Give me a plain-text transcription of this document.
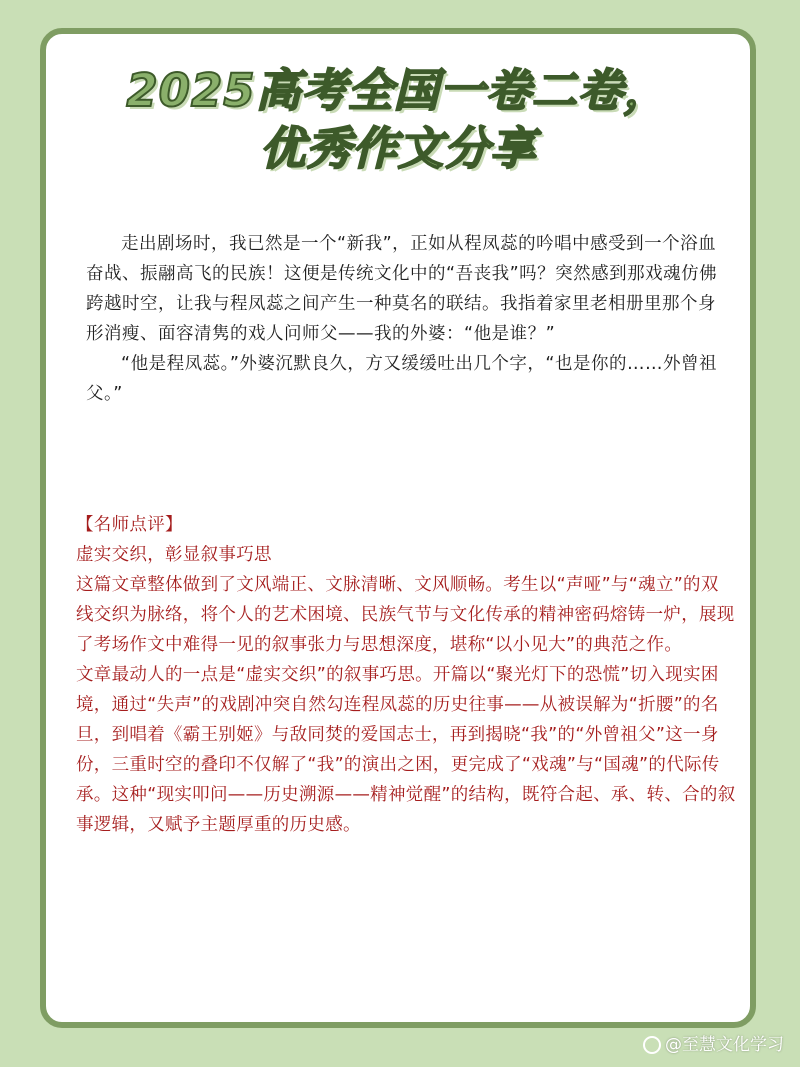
2025高考全国一卷二卷，
优秀作文分享

走出剧场时，我已然是一个“新我”，正如从程凤蕊的吟唱中感受到一个浴血奋战、振翮高飞的民族！这便是传统文化中的“吾丧我”吗？突然感到那戏魂仿佛跨越时空，让我与程凤蕊之间产生一种莫名的联结。我指着家里老相册里那个身形消瘦、面容清隽的戏人问师父——我的外婆：“他是谁？”

“他是程凤蕊。”外婆沉默良久，方又缓缓吐出几个字，“也是你的……外曾祖父。”

【名师点评】

虚实交织，彰显叙事巧思

这篇文章整体做到了文风端正、文脉清晰、文风顺畅。考生以“声哑”与“魂立”的双线交织为脉络，将个人的艺术困境、民族气节与文化传承的精神密码熔铸一炉，展现了考场作文中难得一见的叙事张力与思想深度，堪称“以小见大”的典范之作。

文章最动人的一点是“虚实交织”的叙事巧思。开篇以“聚光灯下的恐慌”切入现实困境，通过“失声”的戏剧冲突自然勾连程凤蕊的历史往事——从被误解为“折腰”的名旦，到唱着《霸王别姬》与敌同焚的爱国志士，再到揭晓“我”的“外曾祖父”这一身份，三重时空的叠印不仅解了“我”的演出之困，更完成了“戏魂”与“国魂”的代际传承。这种“现实叩问——历史溯源——精神觉醒”的结构，既符合起、承、转、合的叙事逻辑，又赋予主题厚重的历史感。

@至慧文化学习
